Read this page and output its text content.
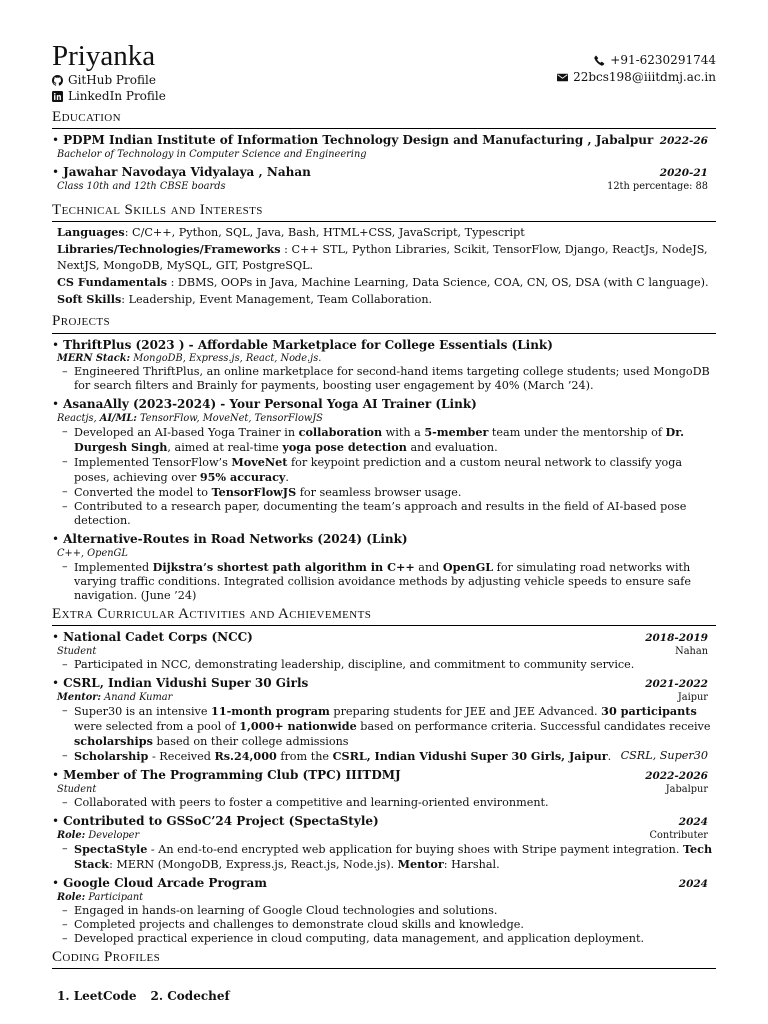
Priyanka
GitHub Profile
LinkedIn Profile
+91-6230291744
22bcs198@iiitdmj.ac.in
Education
• PDPM Indian Institute of Information Technology Design and Manufacturing , Jabalpur 2022-26
Bachelor of Technology in Computer Science and Engineering
• Jawahar Navodaya Vidyalaya , Nahan	2020-21
Class 10th and 12th CBSE boards	12th percentage: 88
Technical Skills and Interests
Languages: C/C++, Python, SQL, Java, Bash, HTML+CSS, JavaScript, Typescript
Libraries/Technologies/Frameworks : C++ STL, Python Libraries, Scikit, TensorFlow, Django, ReactJs, NodeJS, NextJS, MongoDB, MySQL, GIT, PostgreSQL.
CS Fundamentals : DBMS, OOPs in Java, Machine Learning, Data Science, COA, CN, OS, DSA (with C language).
Soft Skills: Leadership, Event Management, Team Collaboration.
Projects
• ThriftPlus (2023 ) - Affordable Marketplace for College Essentials (Link)
MERN Stack: MongoDB, Express.js, React, Node.js.
– Engineered ThriftPlus, an online marketplace for second-hand items targeting college students; used MongoDB for search filters and Brainly for payments, boosting user engagement by 40% (March ’24).
• AsanaAlly (2023-2024) - Your Personal Yoga AI Trainer (Link)
Reactjs, AI/ML: TensorFlow, MoveNet, TensorFlowJS
– Developed an AI-based Yoga Trainer in collaboration with a 5-member team under the mentorship of Dr. Durgesh Singh, aimed at real-time yoga pose detection and evaluation.
– Implemented TensorFlow’s MoveNet for keypoint prediction and a custom neural network to classify yoga poses, achieving over 95% accuracy.
– Converted the model to TensorFlowJS for seamless browser usage.
– Contributed to a research paper, documenting the team’s approach and results in the field of AI-based pose detection.
• Alternative-Routes in Road Networks (2024) (Link)
C++, OpenGL
– Implemented Dijkstra’s shortest path algorithm in C++ and OpenGL for simulating road networks with varying traffic conditions. Integrated collision avoidance methods by adjusting vehicle speeds to ensure safe navigation. (June ’24)
Extra Curricular Activities and Achievements
• National Cadet Corps (NCC)	2018-2019
Student	Nahan
– Participated in NCC, demonstrating leadership, discipline, and commitment to community service.
• CSRL, Indian Vidushi Super 30 Girls	2021-2022
Mentor: Anand Kumar	Jaipur
– Super30 is an intensive 11-month program preparing students for JEE and JEE Advanced. 30 participants were selected from a pool of 1,000+ nationwide based on performance criteria. Successful candidates receive scholarships based on their college admissions
– Scholarship - Received Rs.24,000 from the CSRL, Indian Vidushi Super 30 Girls, Jaipur. CSRL, Super30
• Member of The Programming Club (TPC) IIITDMJ	2022-2026
Student	Jabalpur
– Collaborated with peers to foster a competitive and learning-oriented environment.
• Contributed to GSSoC’24 Project (SpectaStyle)	2024
Role: Developer	Contributer
– SpectaStyle - An end-to-end encrypted web application for buying shoes with Stripe payment integration. Tech Stack: MERN (MongoDB, Express.js, React.js, Node.js). Mentor: Harshal.
• Google Cloud Arcade Program	2024
Role: Participant
– Engaged in hands-on learning of Google Cloud technologies and solutions.
– Completed projects and challenges to demonstrate cloud skills and knowledge.
– Developed practical experience in cloud computing, data management, and application deployment.
Coding Profiles
1. LeetCode 2. Codechef
